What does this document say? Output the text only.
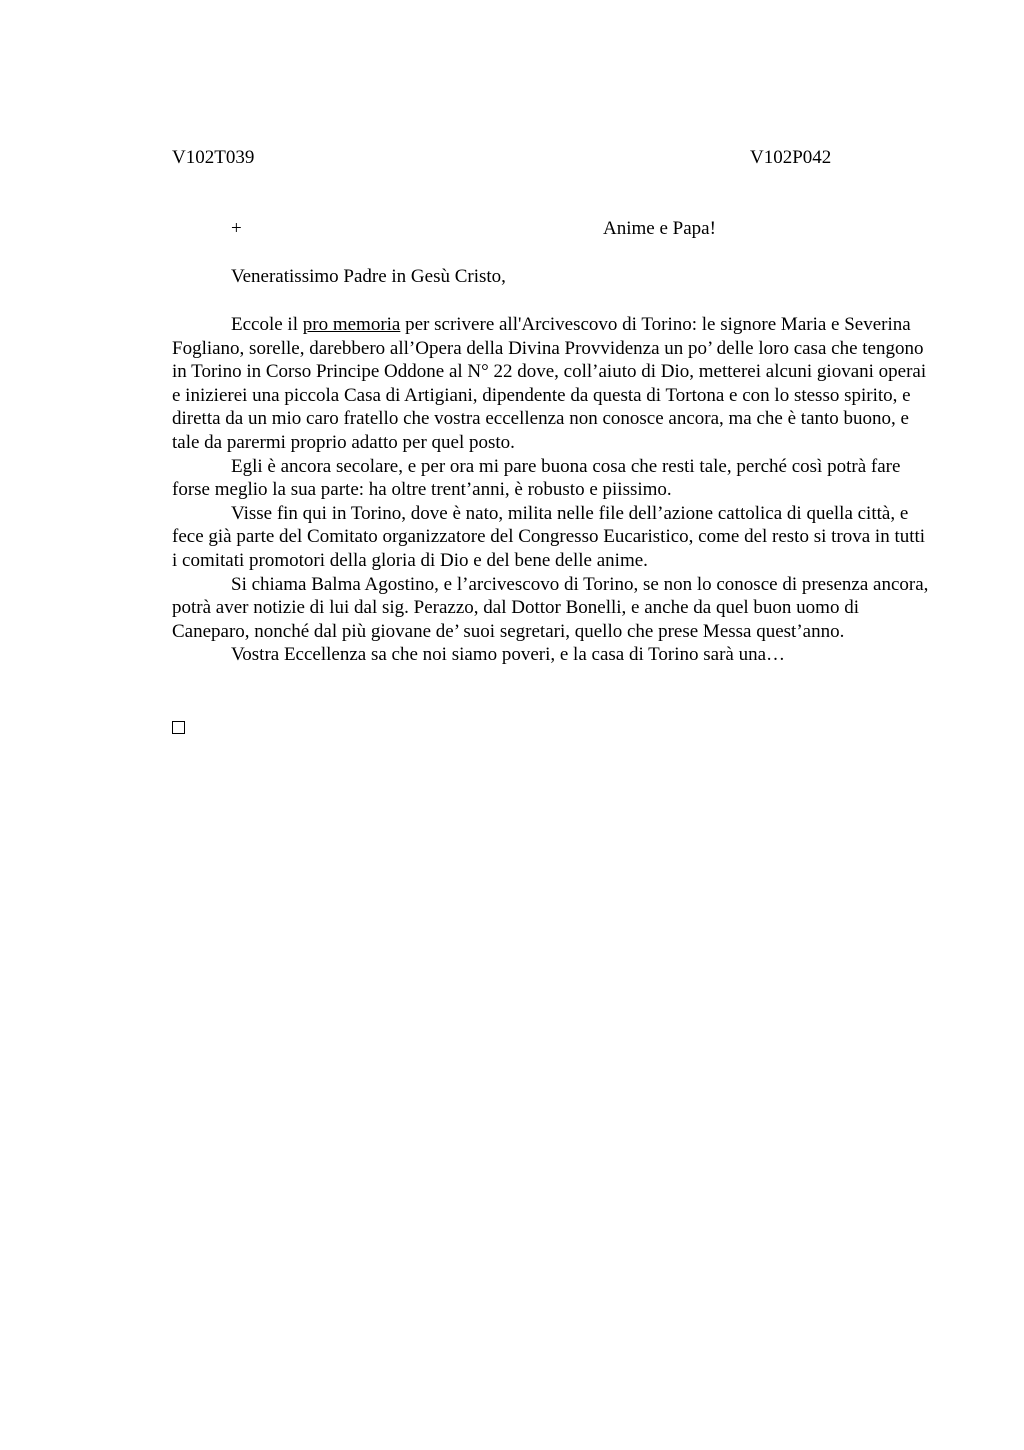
V102T039	V102P042
+	Anime e Papa!
Veneratissimo Padre in Gesù Cristo,

Eccole il pro memoria per scrivere all'Arcivescovo di Torino: le signore Maria e Severina Fogliano, sorelle, darebbero all’Opera della Divina Provvidenza un po’ delle loro casa che tengono in Torino in Corso Principe Oddone al N° 22 dove, coll’aiuto di Dio, metterei alcuni giovani operai e inizierei una piccola Casa di Artigiani, dipendente da questa di Tortona e con lo stesso spirito, e diretta da un mio caro fratello che vostra eccellenza non conosce ancora, ma che è tanto buono, e tale da parermi proprio adatto per quel posto.

Egli è ancora secolare, e per ora mi pare buona cosa che resti tale, perché così potrà fare forse meglio la sua parte: ha oltre trent’anni, è robusto e piissimo.

Visse fin qui in Torino, dove è nato, milita nelle file dell’azione cattolica di quella città, e fece già parte del Comitato organizzatore del Congresso Eucaristico, come del resto si trova in tutti i comitati promotori della gloria di Dio e del bene delle anime.

Si chiama Balma Agostino, e l’arcivescovo di Torino, se non lo conosce di presenza ancora, potrà aver notizie di lui dal sig. Perazzo, dal Dottor Bonelli, e anche da quel buon uomo di Caneparo, nonché dal più giovane de’ suoi segretari, quello che prese Messa quest’anno.

Vostra Eccellenza sa che noi siamo poveri, e la casa di Torino sarà una…
